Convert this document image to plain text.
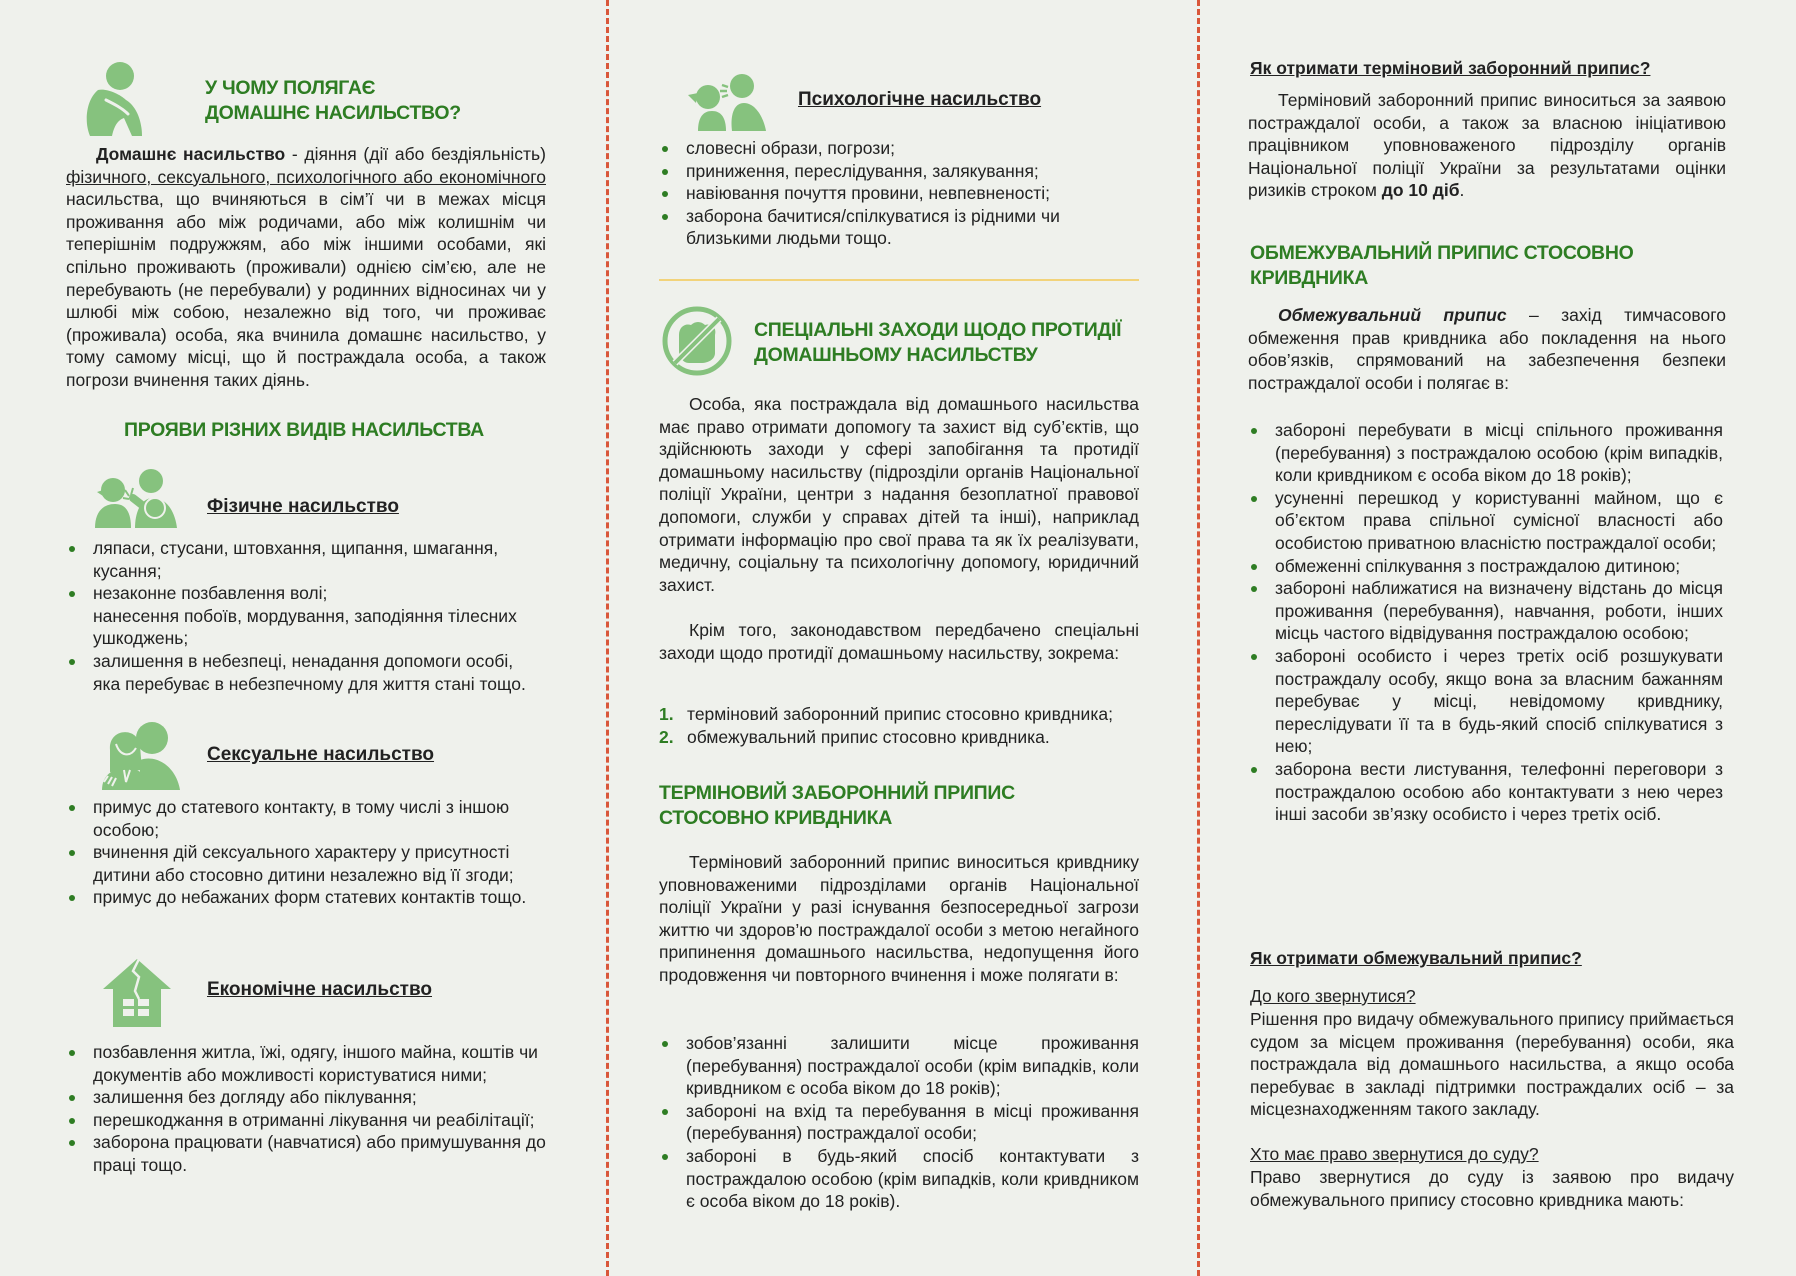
У ЧОМУ ПОЛЯГАЄ

ДОМАШНЄ НАСИЛЬСТВО?

Домашнє насильство - діяння (дії або бездіяльність) фізичного, сексуального, психологічного або економічного насильства, що вчиняються в сім’ї чи в межах місця проживання або між родичами, або між колишнім чи теперішнім подружжям, або між іншими особами, які спільно проживають (проживали) однією сім’єю, але не перебувають (не перебували) у родинних відносинах чи у шлюбі між собою, незалежно від того, чи проживає (проживала) особа, яка вчинила домашнє насильство, у тому самому місці, що й постраждала особа, а також погрози вчинення таких діянь.

ПРОЯВИ РІЗНИХ ВИДІВ НАСИЛЬСТВА

Фізичне насильство

ляпаси, стусани, штовхання, щипання, шмагання, кусання;
незаконне позбавлення волі;
нанесення побоїв, мордування, заподіяння тілесних ушкоджень;
залишення в небезпеці, ненадання допомоги особі, яка перебуває в небезпечному для життя стані тощо.

Сексуальне насильство

примус до статевого контакту, в тому числі з іншою особою;
вчинення дій сексуального характеру у присутності дитини або стосовно дитини незалежно від її згоди;
примус до небажаних форм статевих контактів тощо.

Економічне насильство

позбавлення житла, їжі, одягу, іншого майна, коштів чи документів або можливості користуватися ними;
залишення без догляду або піклування;
перешкоджання в отриманні лікування чи реабілітації;
заборона працювати (навчатися) або примушування до праці тощо.

Психологічне насильство

словесні образи, погрози;
приниження, переслідування, залякування;
навіювання почуття провини, невпевненості;
заборона бачитися/спілкуватися із рідними чи близькими людьми тощо.

СПЕЦІАЛЬНІ ЗАХОДИ ЩОДО ПРОТИДІЇ

ДОМАШНЬОМУ НАСИЛЬСТВУ

Особа, яка постраждала від домашнього насильства має право отримати допомогу та захист від суб’єктів, що здійснюють заходи у сфері запобігання та протидії домашньому насильству (підрозділи органів Національної поліції України, центри з надання безоплатної правової допомоги, служби у справах дітей та інші), наприклад отримати інформацію про свої права та як їх реалізувати, медичну, соціальну та психологічну допомогу, юридичний захист.

Крім того, законодавством передбачено спеціальні заходи щодо протидії домашньому насильству, зокрема:

1. терміновий заборонний припис стосовно кривдника;
2. обмежувальний припис стосовно кривдника.

ТЕРМІНОВИЙ ЗАБОРОННИЙ ПРИПИС

СТОСОВНО КРИВДНИКА

Терміновий заборонний припис виноситься кривднику уповноваженими підрозділами органів Національної поліції України у разі існування безпосередньої загрози життю чи здоров’ю постраждалої особи з метою негайного припинення домашнього насильства, недопущення його продовження чи повторного вчинення і може полягати в:

зобов’язанні залишити місце проживання (перебування) постраждалої особи (крім випадків, коли кривдником є особа віком до 18 років);
забороні на вхід та перебування в місці проживання (перебування) постраждалої особи;
забороні в будь-який спосіб контактувати з постраждалою особою (крім випадків, коли кривдником є особа віком до 18 років).

Як отримати терміновий заборонний припис?

Терміновий заборонний припис виноситься за заявою постраждалої особи, а також за власною ініціативою працівником уповноваженого підрозділу органів Національної поліції України за результатами оцінки ризиків строком до 10 діб.

ОБМЕЖУВАЛЬНИЙ ПРИПИС СТОСОВНО

КРИВДНИКА

Обмежувальний припис – захід тимчасового обмеження прав кривдника або покладення на нього обов’язків, спрямований на забезпечення безпеки постраждалої особи і полягає в:

забороні перебувати в місці спільного проживання (перебування) з постраждалою особою (крім випадків, коли кривдником є особа віком до 18 років);
усуненні перешкод у користуванні майном, що є об’єктом права спільної сумісної власності або особистою приватною власністю постраждалої особи;
обмеженні спілкування з постраждалою дитиною;
забороні наближатися на визначену відстань до місця проживання (перебування), навчання, роботи, інших місць частого відвідування постраждалою особою;
забороні особисто і через третіх осіб розшукувати постраждалу особу, якщо вона за власним бажанням перебуває у місці, невідомому кривднику, переслідувати її та в будь-який спосіб спілкуватися з нею;
заборона вести листування, телефонні переговори з постраждалою особою або контактувати з нею через інші засоби зв’язку особисто і через третіх осіб.

Як отримати обмежувальний припис?

До кого звернутися?

Рішення про видачу обмежувального припису приймається судом за місцем проживання (перебування) особи, яка постраждала від домашнього насильства, а якщо особа перебуває в закладі підтримки постраждалих осіб – за місцезнаходженням такого закладу.

Хто має право звернутися до суду?

Право звернутися до суду із заявою про видачу обмежувального припису стосовно кривдника мають:
